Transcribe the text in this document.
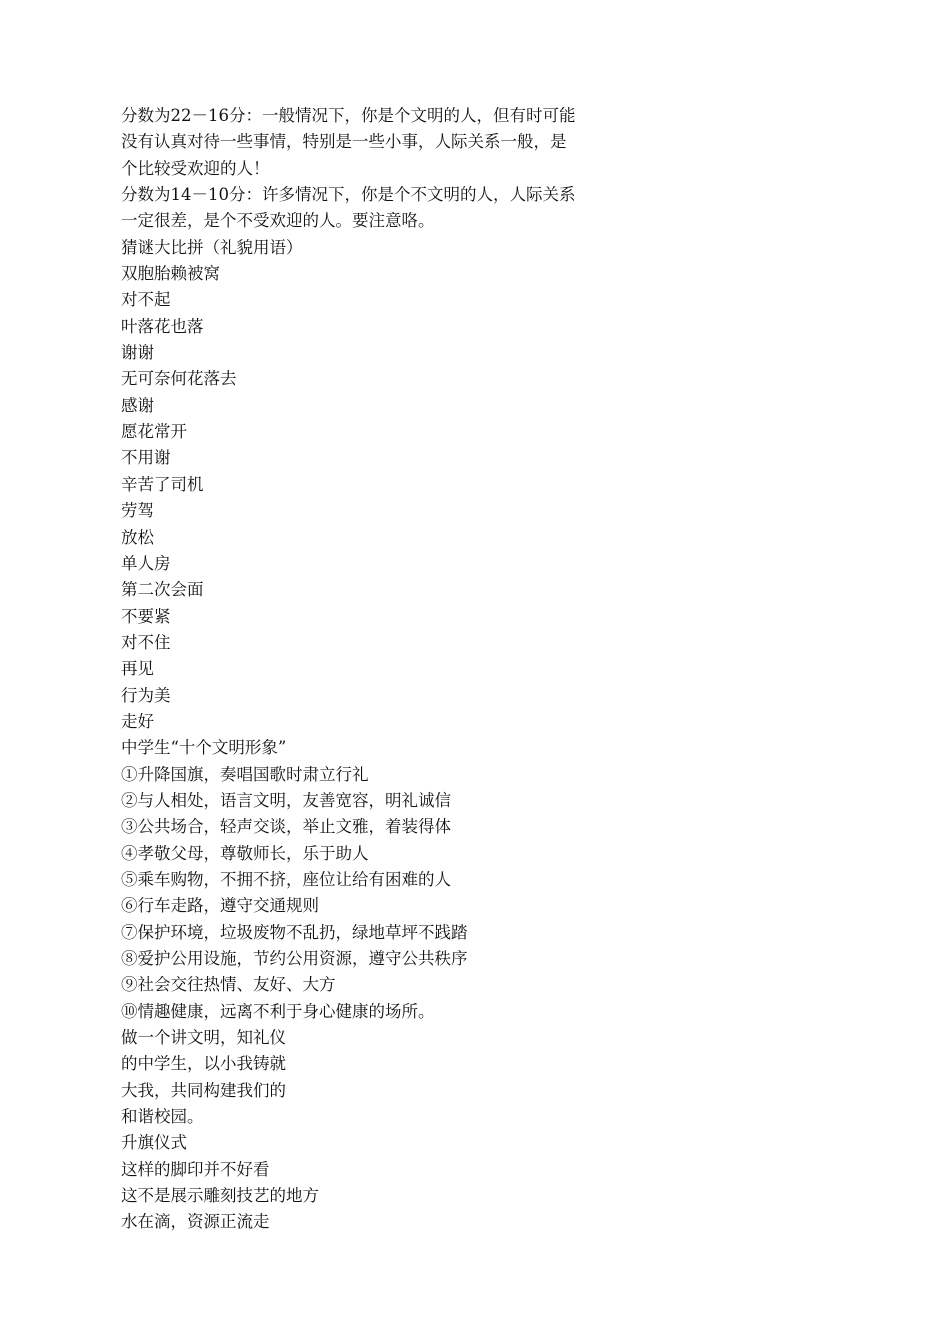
分数为22－16分：一般情况下，你是个文明的人，但有时可能
没有认真对待一些事情，特别是一些小事，人际关系一般，是
个比较受欢迎的人！
分数为14－10分：许多情况下，你是个不文明的人，人际关系
一定很差，是个不受欢迎的人。要注意咯。
猜谜大比拼（礼貌用语）
双胞胎赖被窝
对不起
叶落花也落
谢谢
无可奈何花落去
感谢
愿花常开
不用谢
辛苦了司机
劳驾
放松
单人房
第二次会面
不要紧
对不住
再见
行为美
走好
中学生“十个文明形象”
①升降国旗，奏唱国歌时肃立行礼
②与人相处，语言文明，友善宽容，明礼诚信
③公共场合，轻声交谈，举止文雅，着装得体
④孝敬父母，尊敬师长，乐于助人
⑤乘车购物，不拥不挤，座位让给有困难的人
⑥行车走路，遵守交通规则
⑦保护环境，垃圾废物不乱扔，绿地草坪不践踏
⑧爱护公用设施，节约公用资源，遵守公共秩序
⑨社会交往热情、友好、大方
⑩情趣健康，远离不利于身心健康的场所。
做一个讲文明，知礼仪
的中学生，以小我铸就
大我，共同构建我们的
和谐校园。
升旗仪式
这样的脚印并不好看
这不是展示雕刻技艺的地方
水在滴，资源正流走
